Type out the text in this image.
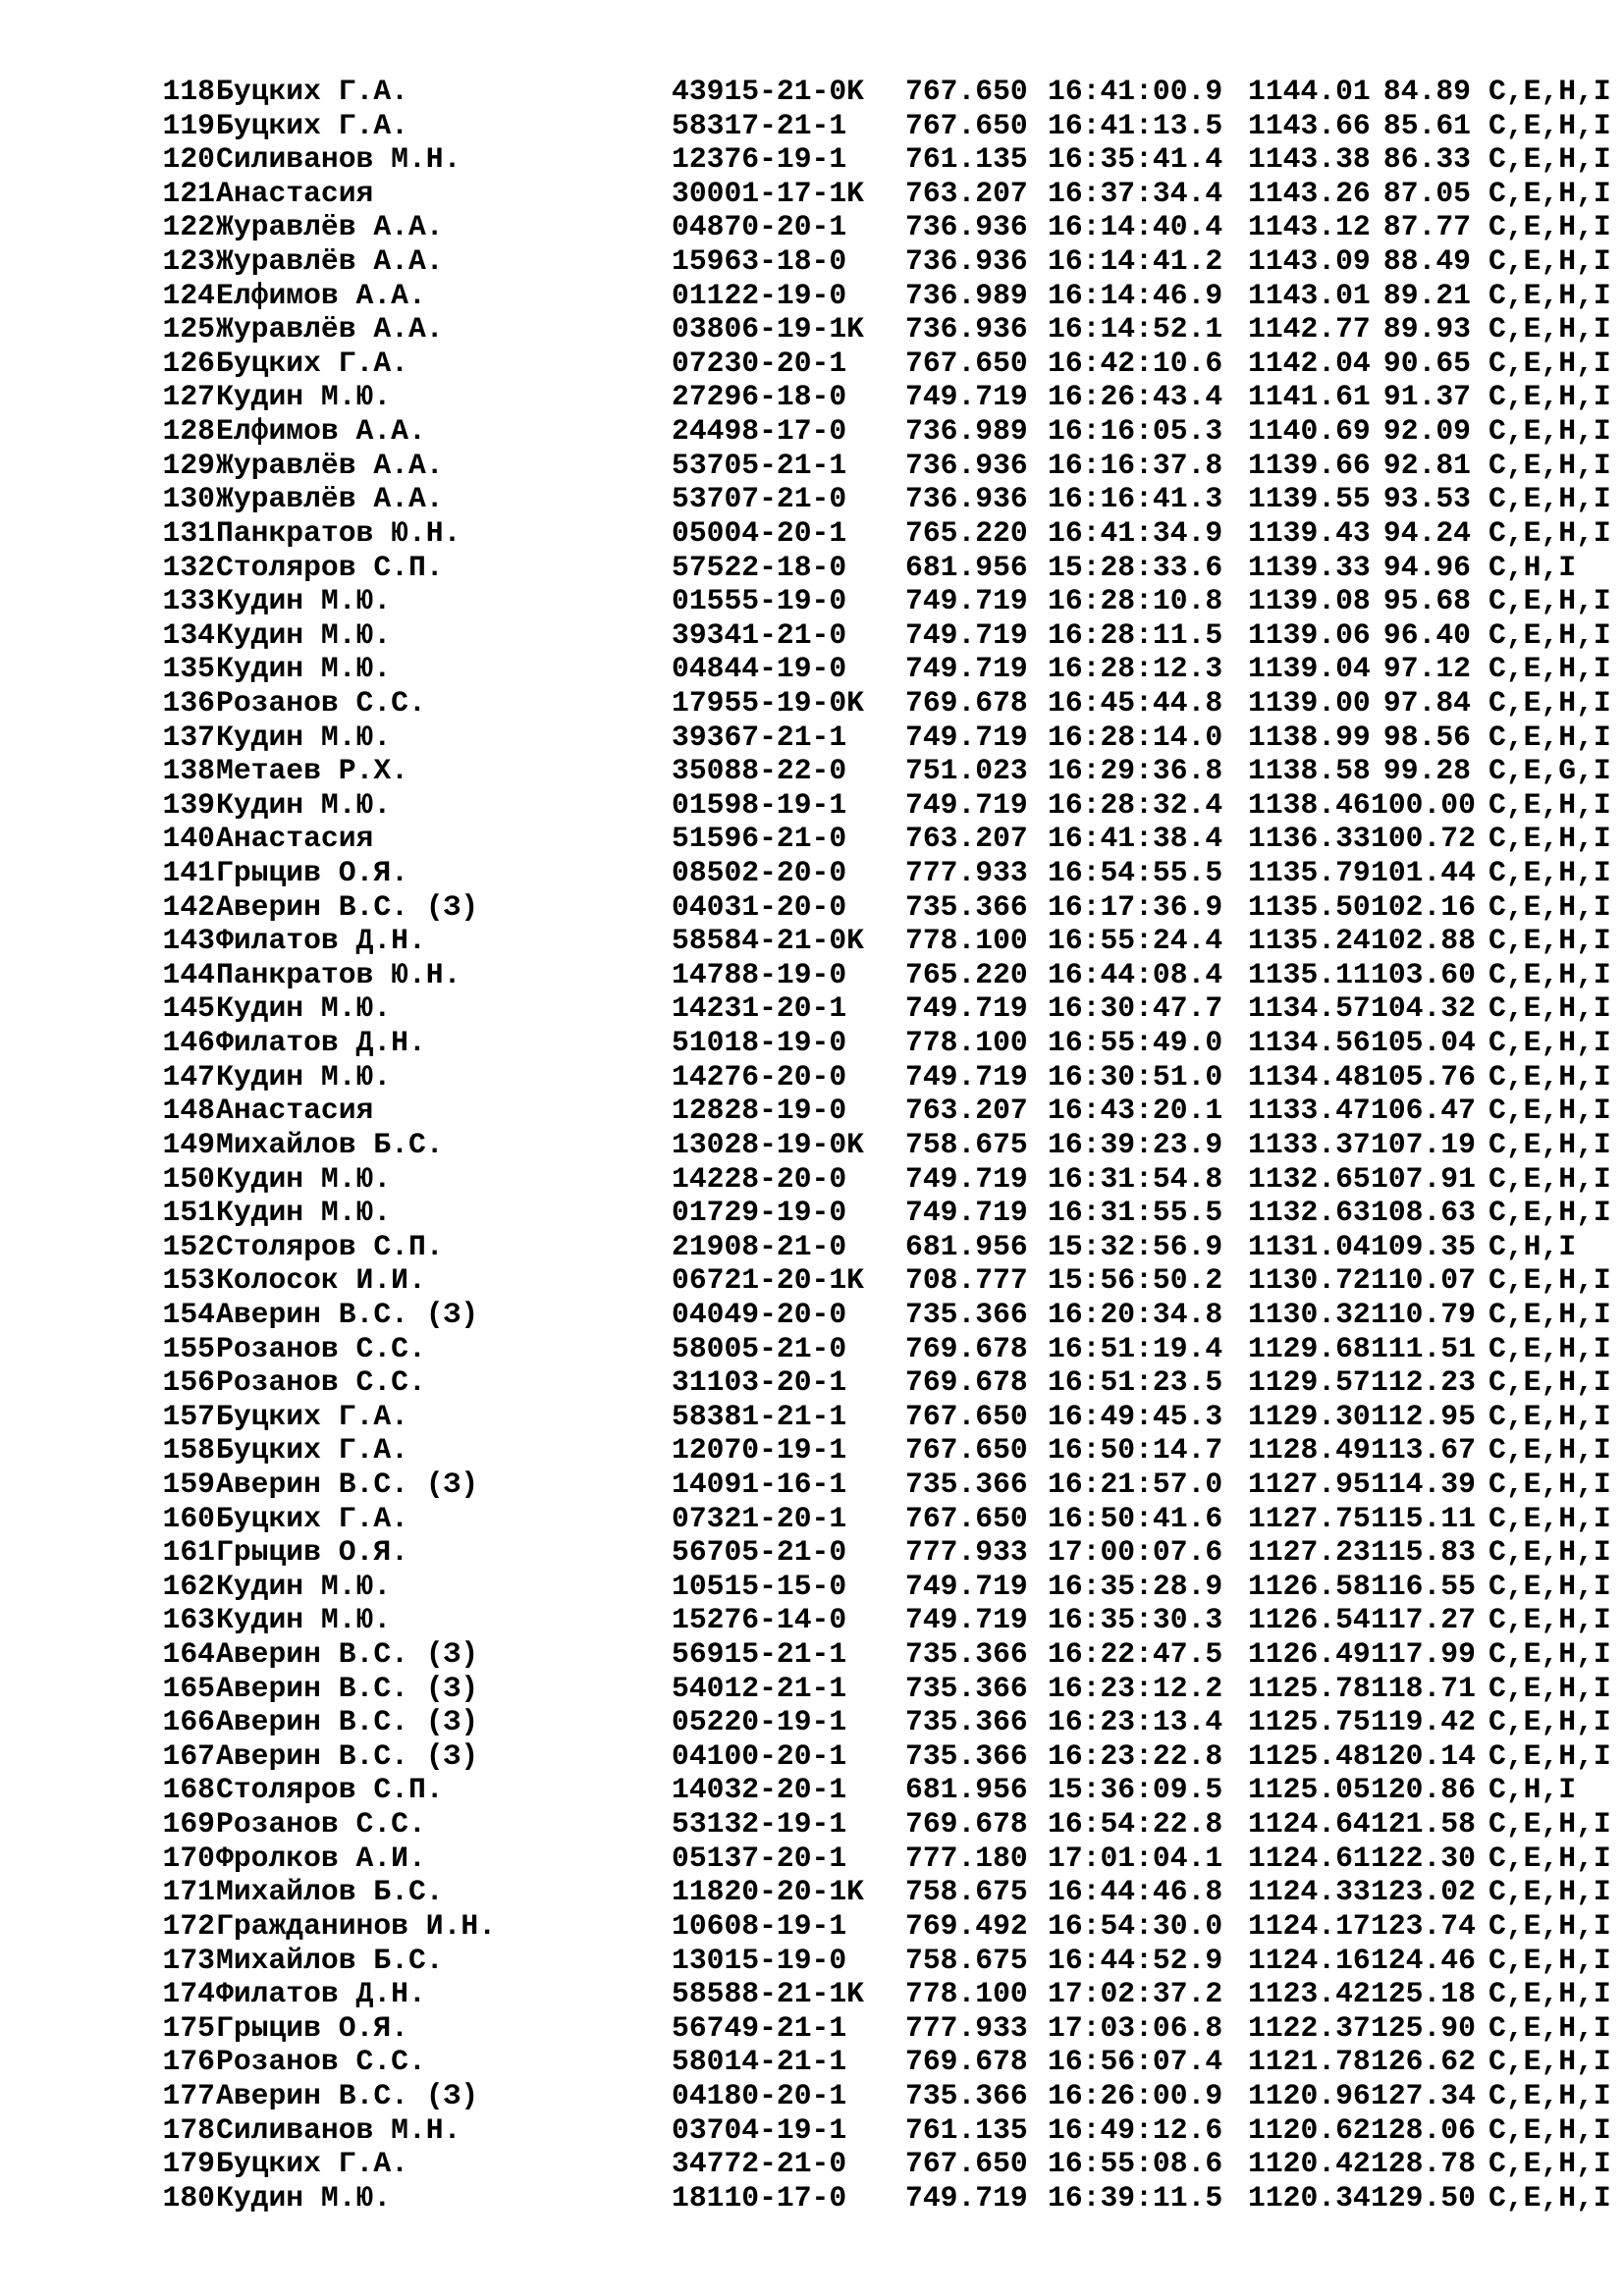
118Буцких Г.А.	43915-21-0K 767.650 16:41:00.9 1144.01 84.89 C,E,H,I
119Буцких Г.А.	58317-21-1 767.650 16:41:13.5 1143.66 85.61 C,E,H,I
120Силиванов М.Н.	12376-19-1 761.135 16:35:41.4 1143.38 86.33 C,E,H,I
121Анастасия	30001-17-1K 763.207 16:37:34.4 1143.26 87.05 C,E,H,I
122Журавлёв А.А.	04870-20-1 736.936 16:14:40.4 1143.12 87.77 C,E,H,I
123Журавлёв А.А.	15963-18-0 736.936 16:14:41.2 1143.09 88.49 C,E,H,I
124Елфимов А.А.	01122-19-0 736.989 16:14:46.9 1143.01 89.21 C,E,H,I
125Журавлёв А.А.	03806-19-1K 736.936 16:14:52.1 1142.77 89.93 C,E,H,I
126Буцких Г.А.	07230-20-1 767.650 16:42:10.6 1142.04 90.65 C,E,H,I
127Кудин М.Ю.	27296-18-0 749.719 16:26:43.4 1141.61 91.37 C,E,H,I
128Елфимов А.А.	24498-17-0 736.989 16:16:05.3 1140.69 92.09 C,E,H,I
129Журавлёв А.А.	53705-21-1 736.936 16:16:37.8 1139.66 92.81 C,E,H,I
130Журавлёв А.А.	53707-21-0 736.936 16:16:41.3 1139.55 93.53 C,E,H,I
131Панкратов Ю.Н.	05004-20-1 765.220 16:41:34.9 1139.43 94.24 C,E,H,I
132Столяров С.П.	57522-18-0 681.956 15:28:33.6 1139.33 94.96 C,H,I
133Кудин М.Ю.	01555-19-0 749.719 16:28:10.8 1139.08 95.68 C,E,H,I
134Кудин М.Ю.	39341-21-0 749.719 16:28:11.5 1139.06 96.40 C,E,H,I
135Кудин М.Ю.	04844-19-0 749.719 16:28:12.3 1139.04 97.12 C,E,H,I
136Розанов С.С.	17955-19-0K 769.678 16:45:44.8 1139.00 97.84 C,E,H,I
137Кудин М.Ю.	39367-21-1 749.719 16:28:14.0 1138.99 98.56 C,E,H,I
138Метаев Р.Х.	35088-22-0 751.023 16:29:36.8 1138.58 99.28 C,E,G,I
139Кудин М.Ю.	01598-19-1 749.719 16:28:32.4 1138.46100.00 C,E,H,I
140Анастасия	51596-21-0 763.207 16:41:38.4 1136.33100.72 C,E,H,I
141Грыцив О.Я.	08502-20-0 777.933 16:54:55.5 1135.79101.44 C,E,H,I
142Аверин В.С. (З)	04031-20-0 735.366 16:17:36.9 1135.50102.16 C,E,H,I
143Филатов Д.Н.	58584-21-0K 778.100 16:55:24.4 1135.24102.88 C,E,H,I
144Панкратов Ю.Н.	14788-19-0 765.220 16:44:08.4 1135.11103.60 C,E,H,I
145Кудин М.Ю.	14231-20-1 749.719 16:30:47.7 1134.57104.32 C,E,H,I
146Филатов Д.Н.	51018-19-0 778.100 16:55:49.0 1134.56105.04 C,E,H,I
147Кудин М.Ю.	14276-20-0 749.719 16:30:51.0 1134.48105.76 C,E,H,I
148Анастасия	12828-19-0 763.207 16:43:20.1 1133.47106.47 C,E,H,I
149Михайлов Б.С.	13028-19-0K 758.675 16:39:23.9 1133.37107.19 C,E,H,I
150Кудин М.Ю.	14228-20-0 749.719 16:31:54.8 1132.65107.91 C,E,H,I
151Кудин М.Ю.	01729-19-0 749.719 16:31:55.5 1132.63108.63 C,E,H,I
152Столяров С.П.	21908-21-0 681.956 15:32:56.9 1131.04109.35 C,H,I
153Колосок И.И.	06721-20-1K 708.777 15:56:50.2 1130.72110.07 C,E,H,I
154Аверин В.С. (З)	04049-20-0 735.366 16:20:34.8 1130.32110.79 C,E,H,I
155Розанов С.С.	58005-21-0 769.678 16:51:19.4 1129.68111.51 C,E,H,I
156Розанов С.С.	31103-20-1 769.678 16:51:23.5 1129.57112.23 C,E,H,I
157Буцких Г.А.	58381-21-1 767.650 16:49:45.3 1129.30112.95 C,E,H,I
158Буцких Г.А.	12070-19-1 767.650 16:50:14.7 1128.49113.67 C,E,H,I
159Аверин В.С. (З)	14091-16-1 735.366 16:21:57.0 1127.95114.39 C,E,H,I
160Буцких Г.А.	07321-20-1 767.650 16:50:41.6 1127.75115.11 C,E,H,I
161Грыцив О.Я.	56705-21-0 777.933 17:00:07.6 1127.23115.83 C,E,H,I
162Кудин М.Ю.	10515-15-0 749.719 16:35:28.9 1126.58116.55 C,E,H,I
163Кудин М.Ю.	15276-14-0 749.719 16:35:30.3 1126.54117.27 C,E,H,I
164Аверин В.С. (З)	56915-21-1 735.366 16:22:47.5 1126.49117.99 C,E,H,I
165Аверин В.С. (З)	54012-21-1 735.366 16:23:12.2 1125.78118.71 C,E,H,I
166Аверин В.С. (З)	05220-19-1 735.366 16:23:13.4 1125.75119.42 C,E,H,I
167Аверин В.С. (З)	04100-20-1 735.366 16:23:22.8 1125.48120.14 C,E,H,I
168Столяров С.П.	14032-20-1 681.956 15:36:09.5 1125.05120.86 C,H,I
169Розанов С.С.	53132-19-1 769.678 16:54:22.8 1124.64121.58 C,E,H,I
170Фролков А.И.	05137-20-1 777.180 17:01:04.1 1124.61122.30 C,E,H,I
171Михайлов Б.С.	11820-20-1K 758.675 16:44:46.8 1124.33123.02 C,E,H,I
172Гражданинов И.Н.	10608-19-1 769.492 16:54:30.0 1124.17123.74 C,E,H,I
173Михайлов Б.С.	13015-19-0 758.675 16:44:52.9 1124.16124.46 C,E,H,I
174Филатов Д.Н.	58588-21-1K 778.100 17:02:37.2 1123.42125.18 C,E,H,I
175Грыцив О.Я.	56749-21-1 777.933 17:03:06.8 1122.37125.90 C,E,H,I
176Розанов С.С.	58014-21-1 769.678 16:56:07.4 1121.78126.62 C,E,H,I
177Аверин В.С. (З)	04180-20-1 735.366 16:26:00.9 1120.96127.34 C,E,H,I
178Силиванов М.Н.	03704-19-1 761.135 16:49:12.6 1120.62128.06 C,E,H,I
179Буцких Г.А.	34772-21-0 767.650 16:55:08.6 1120.42128.78 C,E,H,I
180Кудин М.Ю.	18110-17-0 749.719 16:39:11.5 1120.34129.50 C,E,H,I
